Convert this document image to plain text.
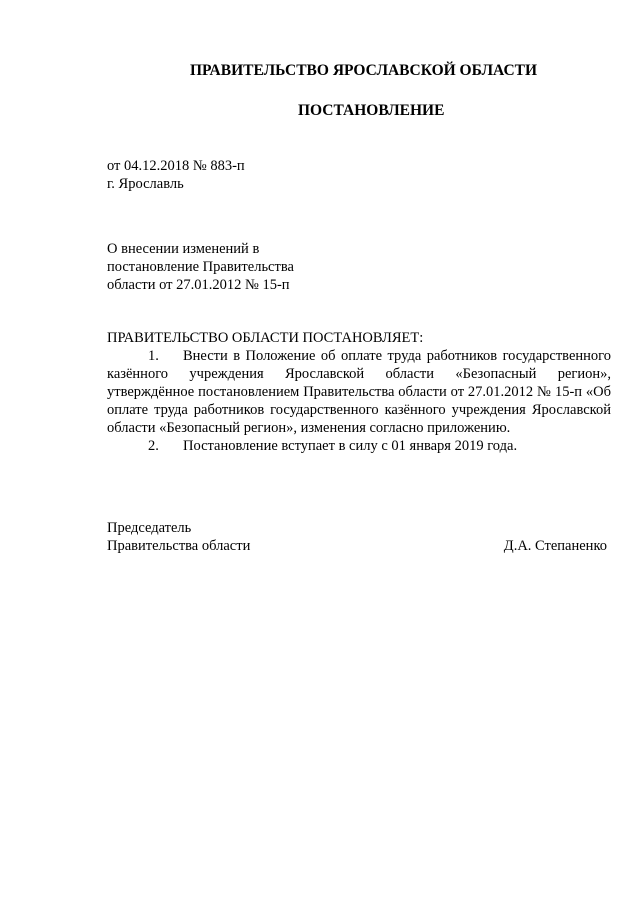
ПРАВИТЕЛЬСТВО ЯРОСЛАВСКОЙ ОБЛАСТИ
ПОСТАНОВЛЕНИЕ
от 04.12.2018 № 883-п
г. Ярославль
О внесении изменений в
постановление Правительства
области от 27.01.2012 № 15-п
ПРАВИТЕЛЬСТВО ОБЛАСТИ ПОСТАНОВЛЯЕТ:

1. Внести в Положение об оплате труда работников государственного казённого учреждения Ярославской области «Безопасный регион», утверждённое постановлением Правительства области от 27.01.2012 № 15-п «Об оплате труда работников государственного казённого учреждения Ярославской области «Безопасный регион», изменения согласно приложению.

2. Постановление вступает в силу с 01 января 2019 года.

Председатель
Правительства области	Д.А. Степаненко
